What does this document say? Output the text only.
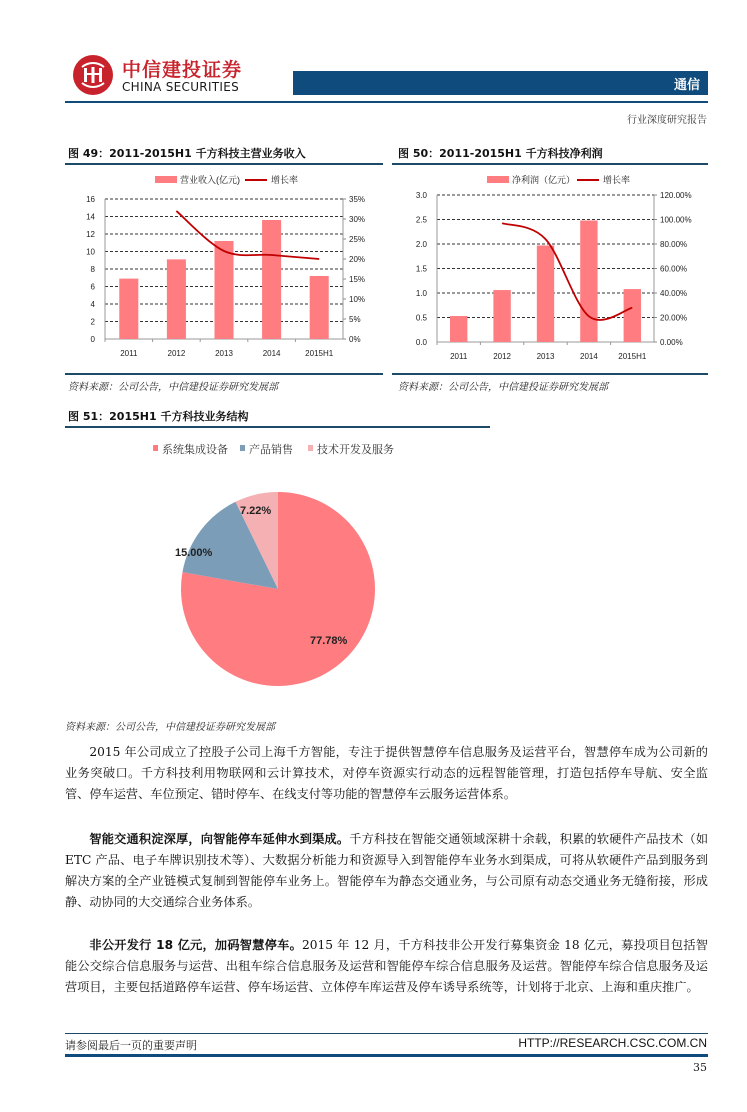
中信建投证券
CHINA SECURITIES	通信
行业深度研究报告
图 49：2011-2015H1 千方科技主营业务收入
营业收入(亿元)	增长率
0
2
4
6
8
10
12
14
16
0%
5%
10%
15%
20%
25%
30%
35%
2011	2012	2013	2014	2015H1
资料来源：公司公告，中信建投证券研究发展部
图 50：2011-2015H1 千方科技净利润
净利润（亿元）	增长率
0.0
0.5
1.0
1.5
2.0
2.5
3.0
0.00%
20.00%
40.00%
60.00%
80.00%
100.00%
120.00%
2011	2012	2013	2014	2015H1
资料来源：公司公告，中信建投证券研究发展部
图 51：2015H1 千方科技业务结构
系统集成设备 产品销售 技术开发及服务
77.78%
15.00%
7.22%
资料来源：公司公告，中信建投证券研究发展部
2015 年公司成立了控股子公司上海千方智能，专注于提供智慧停车信息服务及运营平台，智慧停车成为公司新的业务突破口。千方科技利用物联网和云计算技术，对停车资源实行动态的远程智能管理，打造包括停车导航、安全监管、停车运营、车位预定、错时停车、在线支付等功能的智慧停车云服务运营体系。
智能交通积淀深厚，向智能停车延伸水到渠成。千方科技在智能交通领域深耕十余载，积累的软硬件产品技术（如 ETC 产品、电子车牌识别技术等）、大数据分析能力和资源导入到智能停车业务水到渠成，可将从软硬件产品到服务到解决方案的全产业链模式复制到智能停车业务上。智能停车为静态交通业务，与公司原有动态交通业务无缝衔接，形成静、动协同的大交通综合业务体系。
非公开发行 18 亿元，加码智慧停车。2015 年 12 月，千方科技非公开发行募集资金 18 亿元，募投项目包括智能公交综合信息服务与运营、出租车综合信息服务及运营和智能停车综合信息服务及运营。智能停车综合信息服务及运营项目，主要包括道路停车运营、停车场运营、立体停车库运营及停车诱导系统等，计划将于北京、上海和重庆推广。
请参阅最后一页的重要声明	HTTP://RESEARCH.CSC.COM.CN
35
